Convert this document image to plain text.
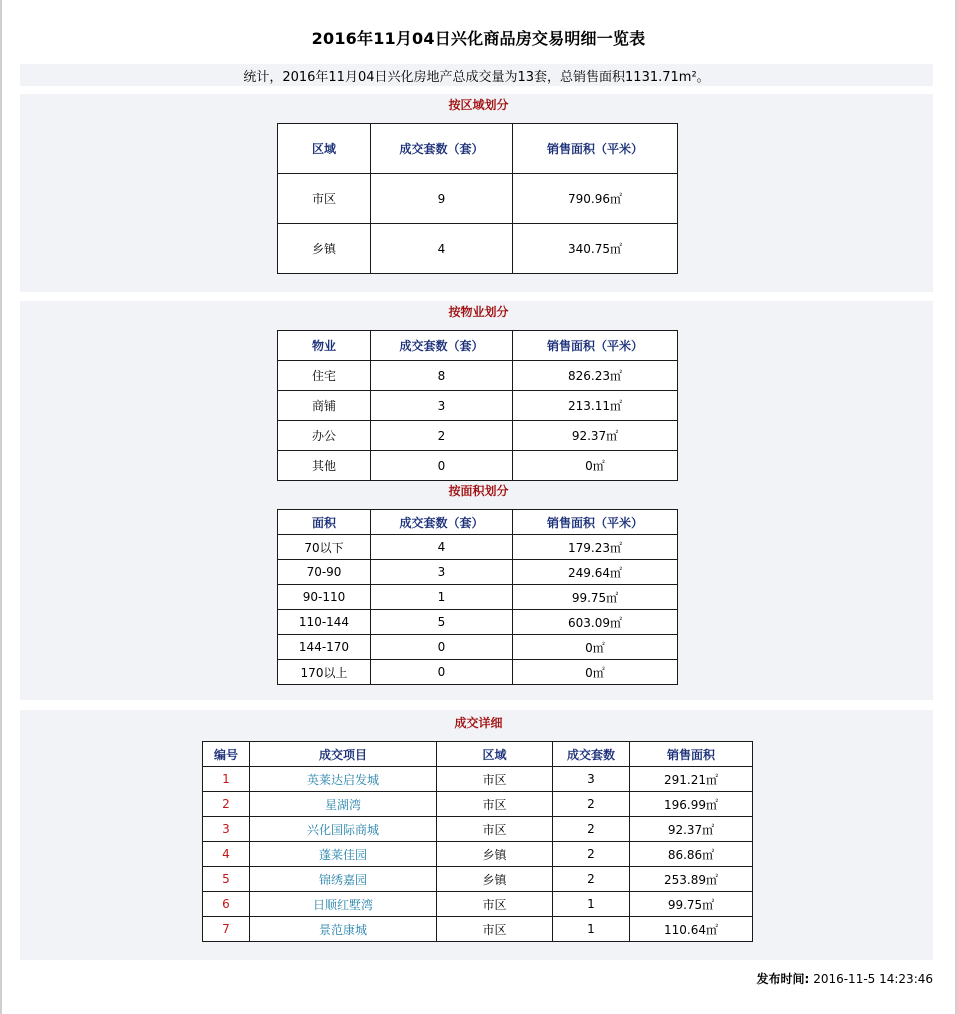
2016年11月04日兴化商品房交易明细一览表
统计，2016年11月04日兴化房地产总成交量为13套，总销售面积1131.71m²。
按区域划分
区域	成交套数（套）	销售面积（平米）
市区	9	790.96㎡
乡镇	4	340.75㎡
按物业划分
物业	成交套数（套）	销售面积（平米）
住宅	8	826.23㎡
商铺	3	213.11㎡
办公	2	92.37㎡
其他	0	0㎡
按面积划分
面积	成交套数（套）	销售面积（平米）
70以下	4	179.23㎡
70-90	3	249.64㎡
90-110	1	99.75㎡
110-144	5	603.09㎡
144-170	0	0㎡
170以上	0	0㎡
成交详细
编号	成交项目	区域	成交套数	销售面积
1	英莱达启发城	市区	3	291.21㎡
2	星湖湾	市区	2	196.99㎡
3	兴化国际商城	市区	2	92.37㎡
4	蓬莱佳园	乡镇	2	86.86㎡
5	锦绣嘉园	乡镇	2	253.89㎡
6	日顺红墅湾	市区	1	99.75㎡
7	景范康城	市区	1	110.64㎡
发布时间: 2016-11-5 14:23:46
